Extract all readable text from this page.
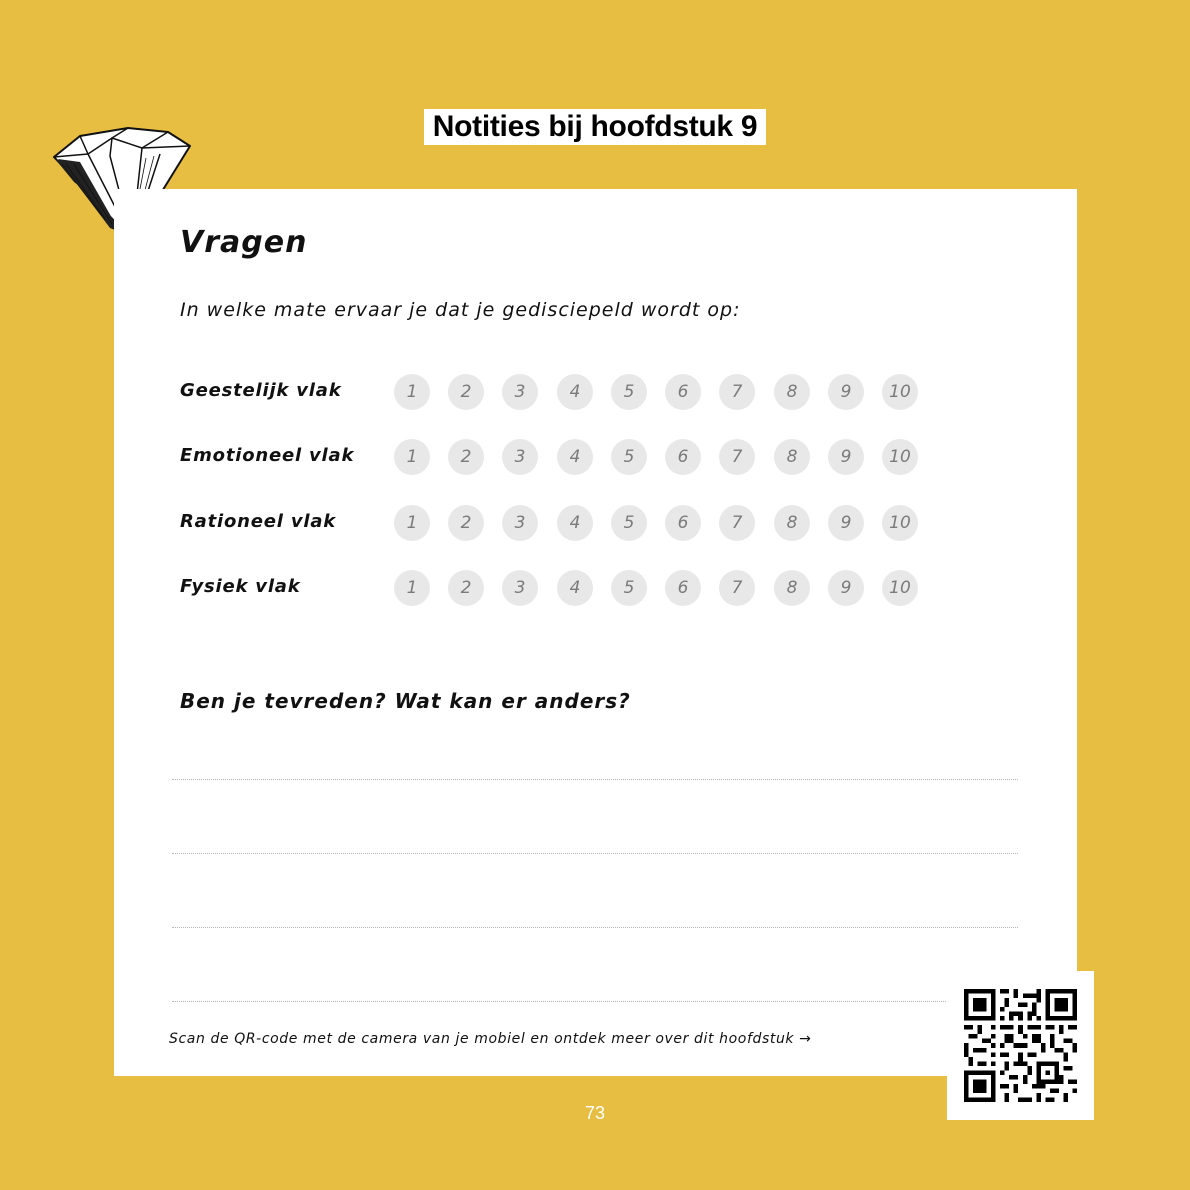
Notities bij hoofdstuk 9
Vragen
In welke mate ervaar je dat je gedisciepeld wordt op:
Geestelijk vlak	1	2	3	4	5	6	7	8	9	10
Emotioneel vlak	1	2	3	4	5	6	7	8	9	10
Rationeel vlak	1	2	3	4	5	6	7	8	9	10
Fysiek vlak	1	2	3	4	5	6	7	8	9	10
Ben je tevreden? Wat kan er anders?
Scan de QR-code met de camera van je mobiel en ontdek meer over dit hoofdstuk →
73
